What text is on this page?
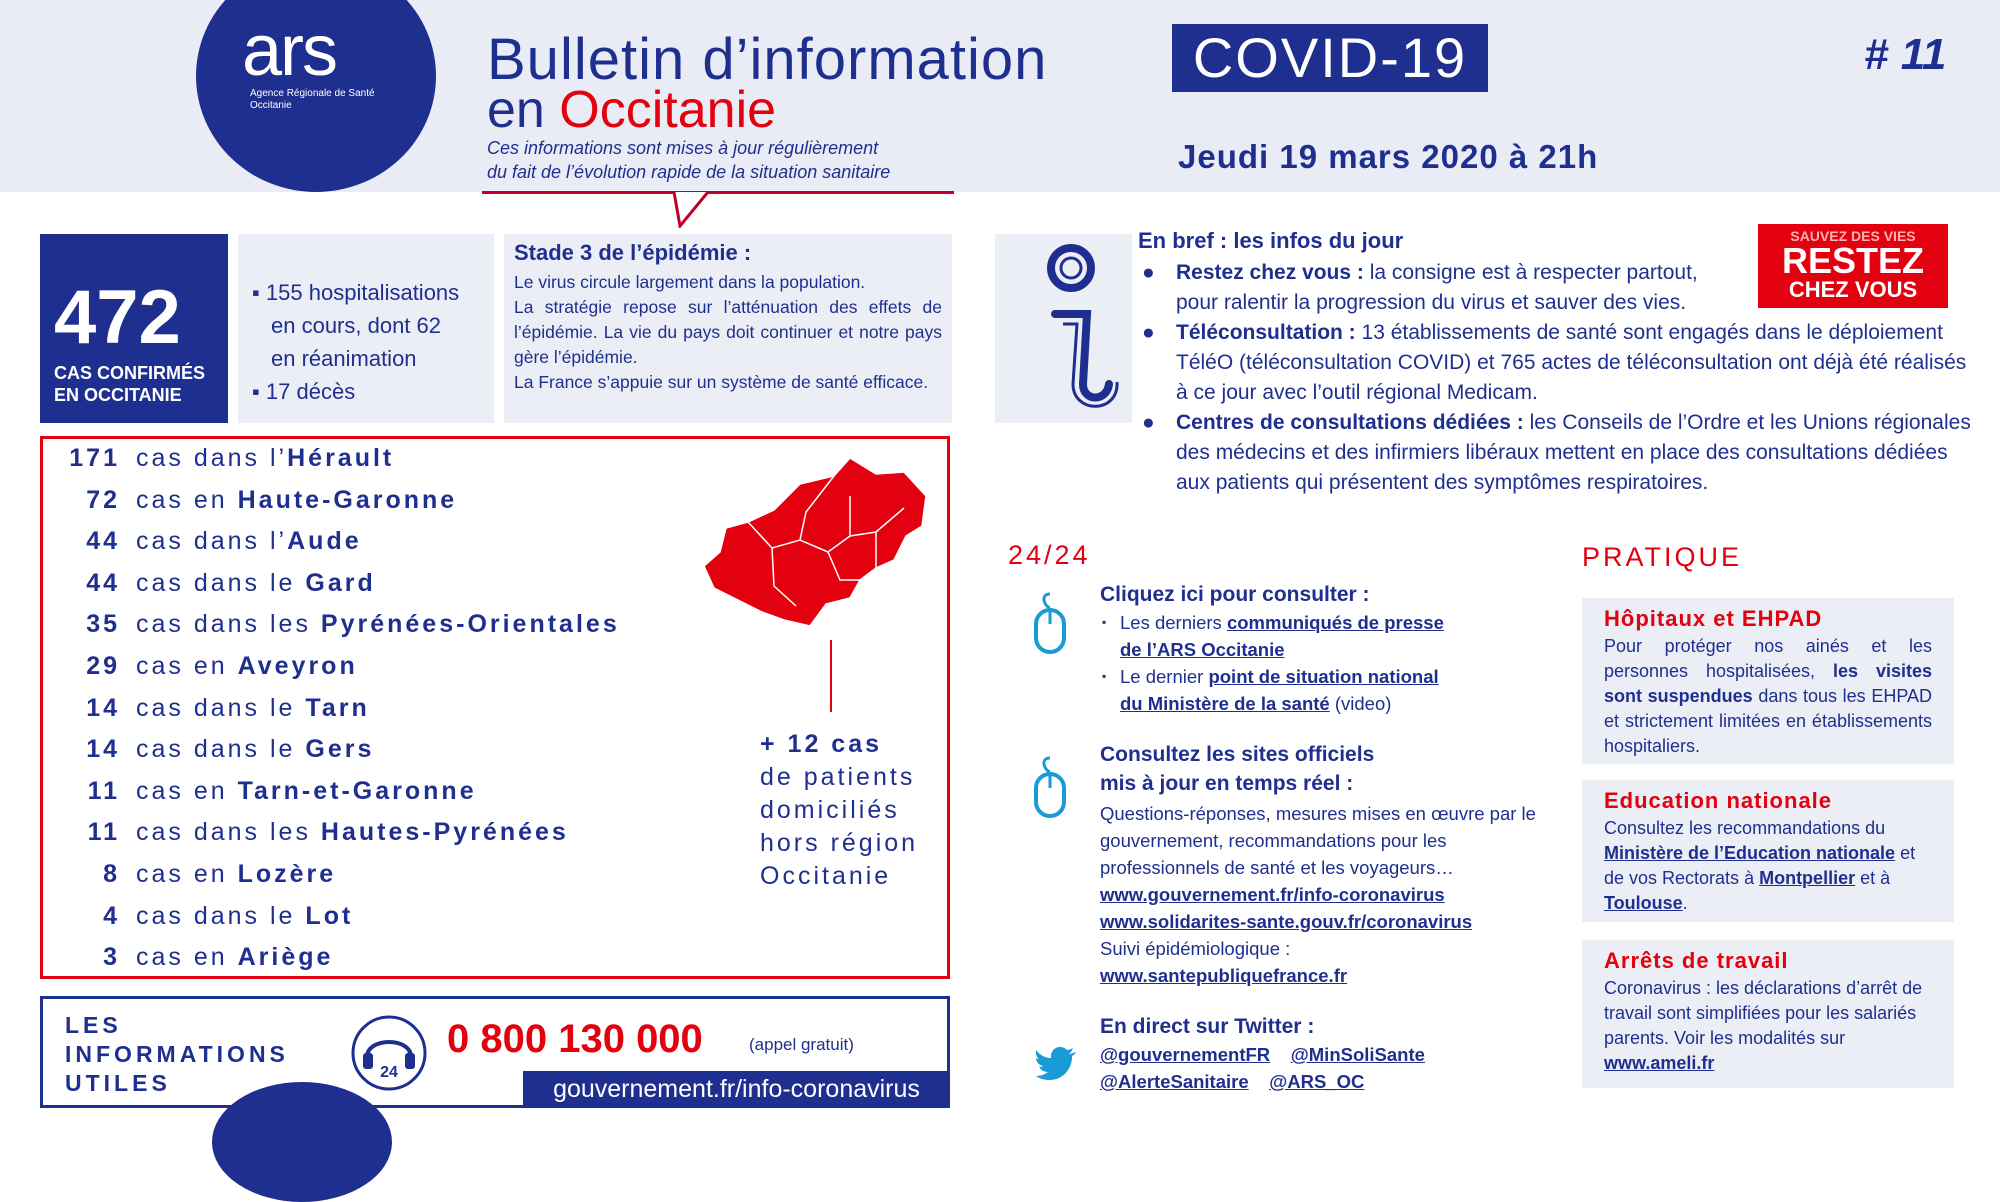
ars
Agence Régionale de Santé
Occitanie
Bulletin d’information	COVID-19
en Occitanie
Ces informations sont mises à jour régulièrement
du fait de l’évolution rapide de la situation sanitaire
# 11
Jeudi 19 mars 2020 à 21h
472
CAS CONFIRMÉS
EN OCCITANIE
▪ 155 hospitalisations
en cours, dont 62
en réanimation
▪ 17 décès
Stade 3 de l’épidémie :
Le virus circule largement dans la population.
La stratégie repose sur l’atténuation des effets de l’épidémie. La vie du pays doit continuer et notre pays gère l’épidémie.
La France s’appuie sur un système de santé efficace.
171 cas dans l’Hérault
72 cas en Haute-Garonne
44 cas dans l’Aude
44 cas dans le Gard
35 cas dans les Pyrénées-Orientales
29 cas en Aveyron
14 cas dans le Tarn
14 cas dans le Gers
11 cas en Tarn-et-Garonne
11 cas dans les Hautes-Pyrénées
8 cas en Lozère
4 cas dans le Lot
3 cas en Ariège
+ 12 cas
de patients
domiciliés
hors région
Occitanie
LES
INFORMATIONS
UTILES	24
0 800 130 000	(appel gratuit)
gouvernement.fr/info-coronavirus
En bref : les infos du jour
● Restez chez vous : la consigne est à respecter partout,
pour ralentir la progression du virus et sauver des vies.
● Téléconsultation : 13 établissements de santé sont engagés dans le déploiement TéléO (téléconsultation COVID) et 765 actes de téléconsultation ont déjà été réalisés à ce jour avec l’outil régional Medicam.
● Centres de consultations dédiées : les Conseils de l’Ordre et les Unions régionales des médecins et des infirmiers libéraux mettent en place des consultations dédiées aux patients qui présentent des symptômes respiratoires.
SAUVEZ DES VIES
RESTEZ
CHEZ VOUS
24/24
Cliquez ici pour consulter :
▪ Les derniers communiqués de presse
de l’ARS Occitanie
▪ Le dernier point de situation national
du Ministère de la santé (video)
Consultez les sites officiels
mis à jour en temps réel :
Questions-réponses, mesures mises en œuvre par le gouvernement, recommandations pour les professionnels de santé et les voyageurs…
www.gouvernement.fr/info-coronavirus
www.solidarites-sante.gouv.fr/coronavirus
Suivi épidémiologique :
www.santepubliquefrance.fr
En direct sur Twitter :
@gouvernementFR @MinSoliSante
@AlerteSanitaire @ARS_OC
PRATIQUE
Hôpitaux et EHPAD
Pour protéger nos ainés et les personnes hospitalisées, les visites sont suspendues dans tous les EHPAD et strictement limitées en établissements hospitaliers.
Education nationale
Consultez les recommandations du Ministère de l’Education nationale et de vos Rectorats à Montpellier et à Toulouse.
Arrêts de travail
Coronavirus : les déclarations d’arrêt de travail sont simplifiées pour les salariés parents. Voir les modalités sur www.ameli.fr
